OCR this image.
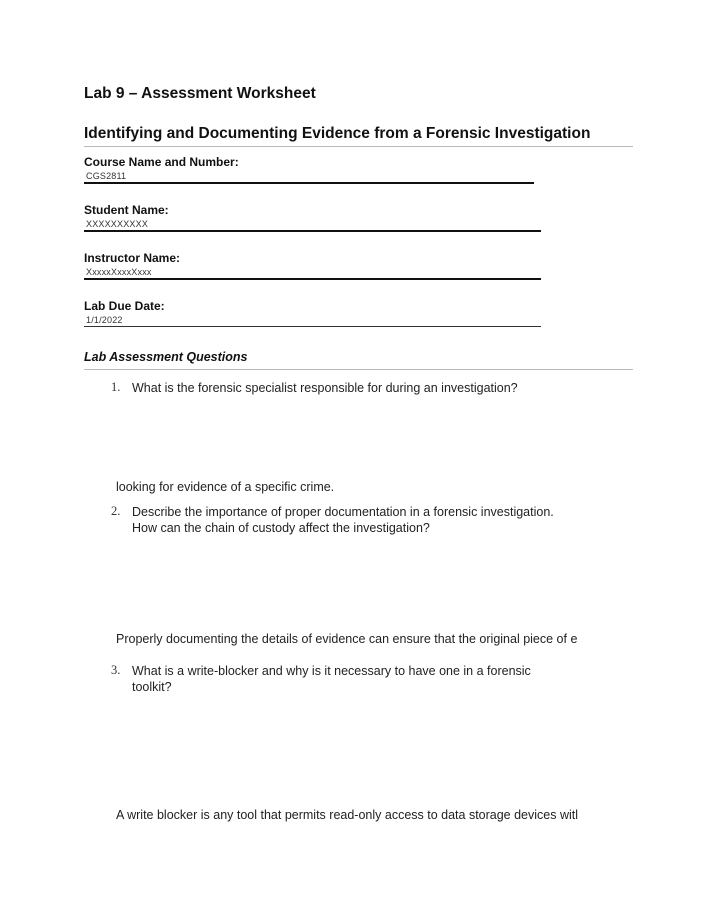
Lab 9 – Assessment Worksheet
Identifying and Documenting Evidence from a Forensic Investigation
Course Name and Number:
CGS2811
Student Name:
XXXXXXXXXX
Instructor Name:
XxxxxXxxxXxxx
Lab Due Date:
1/1/2022
Lab Assessment Questions
1. What is the forensic specialist responsible for during an investigation?
looking for evidence of a specific crime.
2. Describe the importance of proper documentation in a forensic investigation.
How can the chain of custody affect the investigation?
Properly documenting the details of evidence can ensure that the original piece of e
3. What is a write-blocker and why is it necessary to have one in a forensic
toolkit?
A write blocker is any tool that permits read-only access to data storage devices witl
